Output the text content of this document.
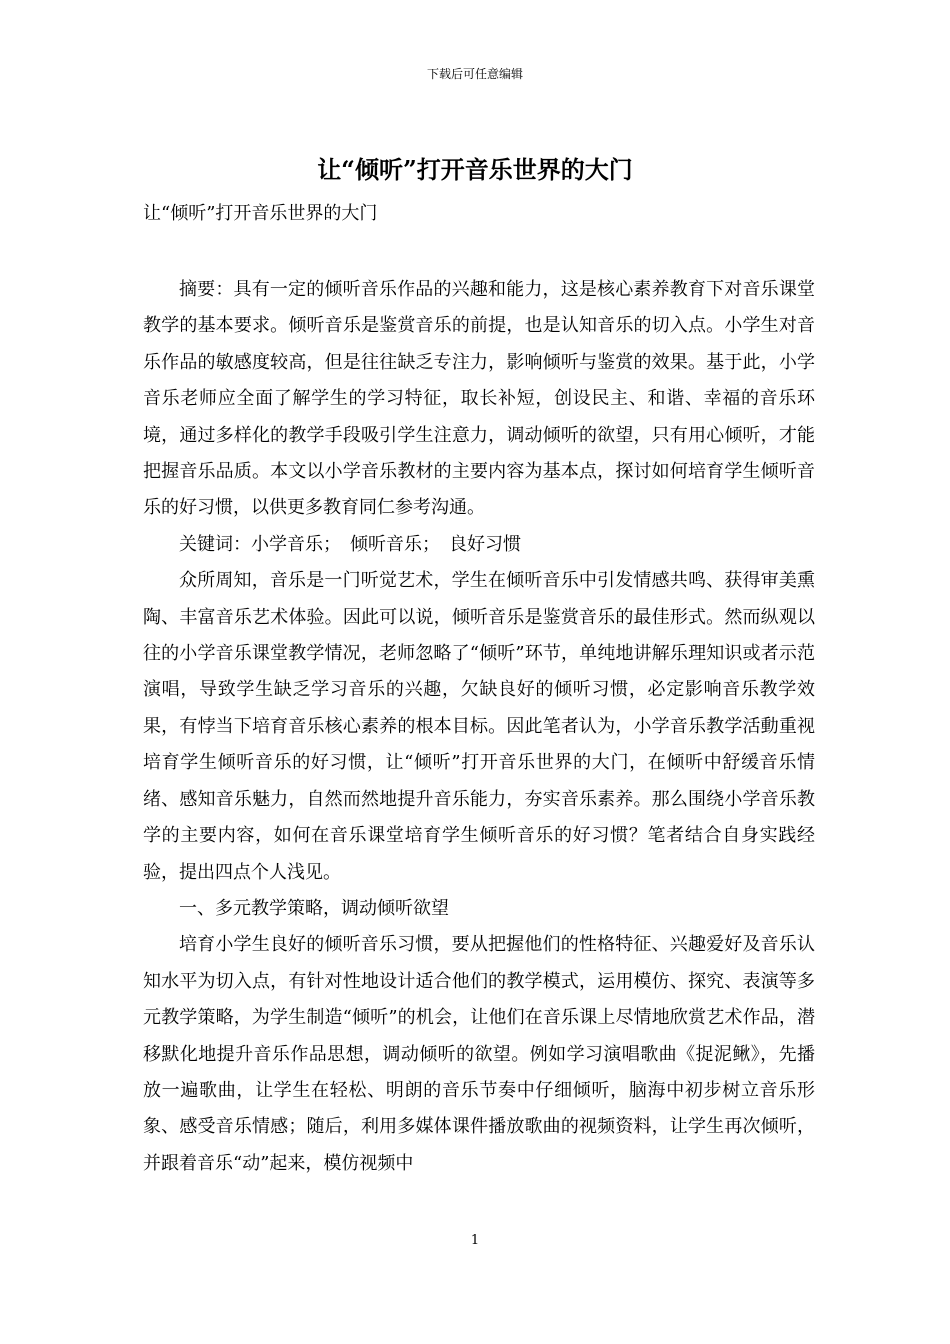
下载后可任意编辑
让“倾听”打开音乐世界的大门

让“倾听”打开音乐世界的大门

摘要：具有一定的倾听音乐作品的兴趣和能力，这是核心素养教育下对音乐课堂教学的基本要求。倾听音乐是鉴赏音乐的前提，也是认知音乐的切入点。小学生对音乐作品的敏感度较高，但是往往缺乏专注力，影响倾听与鉴赏的效果。基于此，小学音乐老师应全面了解学生的学习特征，取长补短，创设民主、和谐、幸福的音乐环境，通过多样化的教学手段吸引学生注意力，调动倾听的欲望，只有用心倾听，才能把握音乐品质。本文以小学音乐教材的主要内容为基本点，探讨如何培育学生倾听音乐的好习惯，以供更多教育同仁参考沟通。

关键词：小学音乐；　倾听音乐；　良好习惯

众所周知，音乐是一门听觉艺术，学生在倾听音乐中引发情感共鸣、获得审美熏陶、丰富音乐艺术体验。因此可以说，倾听音乐是鉴赏音乐的最佳形式。然而纵观以往的小学音乐课堂教学情况，老师忽略了“倾听”环节，单纯地讲解乐理知识或者示范演唱，导致学生缺乏学习音乐的兴趣，欠缺良好的倾听习惯，必定影响音乐教学效果，有悖当下培育音乐核心素养的根本目标。因此笔者认为，小学音乐教学活動重视培育学生倾听音乐的好习惯，让“倾听”打开音乐世界的大门，在倾听中舒缓音乐情绪、感知音乐魅力，自然而然地提升音乐能力，夯实音乐素养。那么围绕小学音乐教学的主要内容，如何在音乐课堂培育学生倾听音乐的好习惯？笔者结合自身实践经验，提出四点个人浅见。

一、多元教学策略，调动倾听欲望

培育小学生良好的倾听音乐习惯，要从把握他们的性格特征、兴趣爱好及音乐认知水平为切入点，有针对性地设计适合他们的教学模式，运用模仿、探究、表演等多元教学策略，为学生制造“倾听”的机会，让他们在音乐课上尽情地欣赏艺术作品，潜移默化地提升音乐作品思想，调动倾听的欲望。例如学习演唱歌曲《捉泥鳅》，先播放一遍歌曲，让学生在轻松、明朗的音乐节奏中仔细倾听，脑海中初步树立音乐形象、感受音乐情感；随后，利用多媒体课件播放歌曲的视频资料，让学生再次倾听，并跟着音乐“动”起来，模仿视频中

1
